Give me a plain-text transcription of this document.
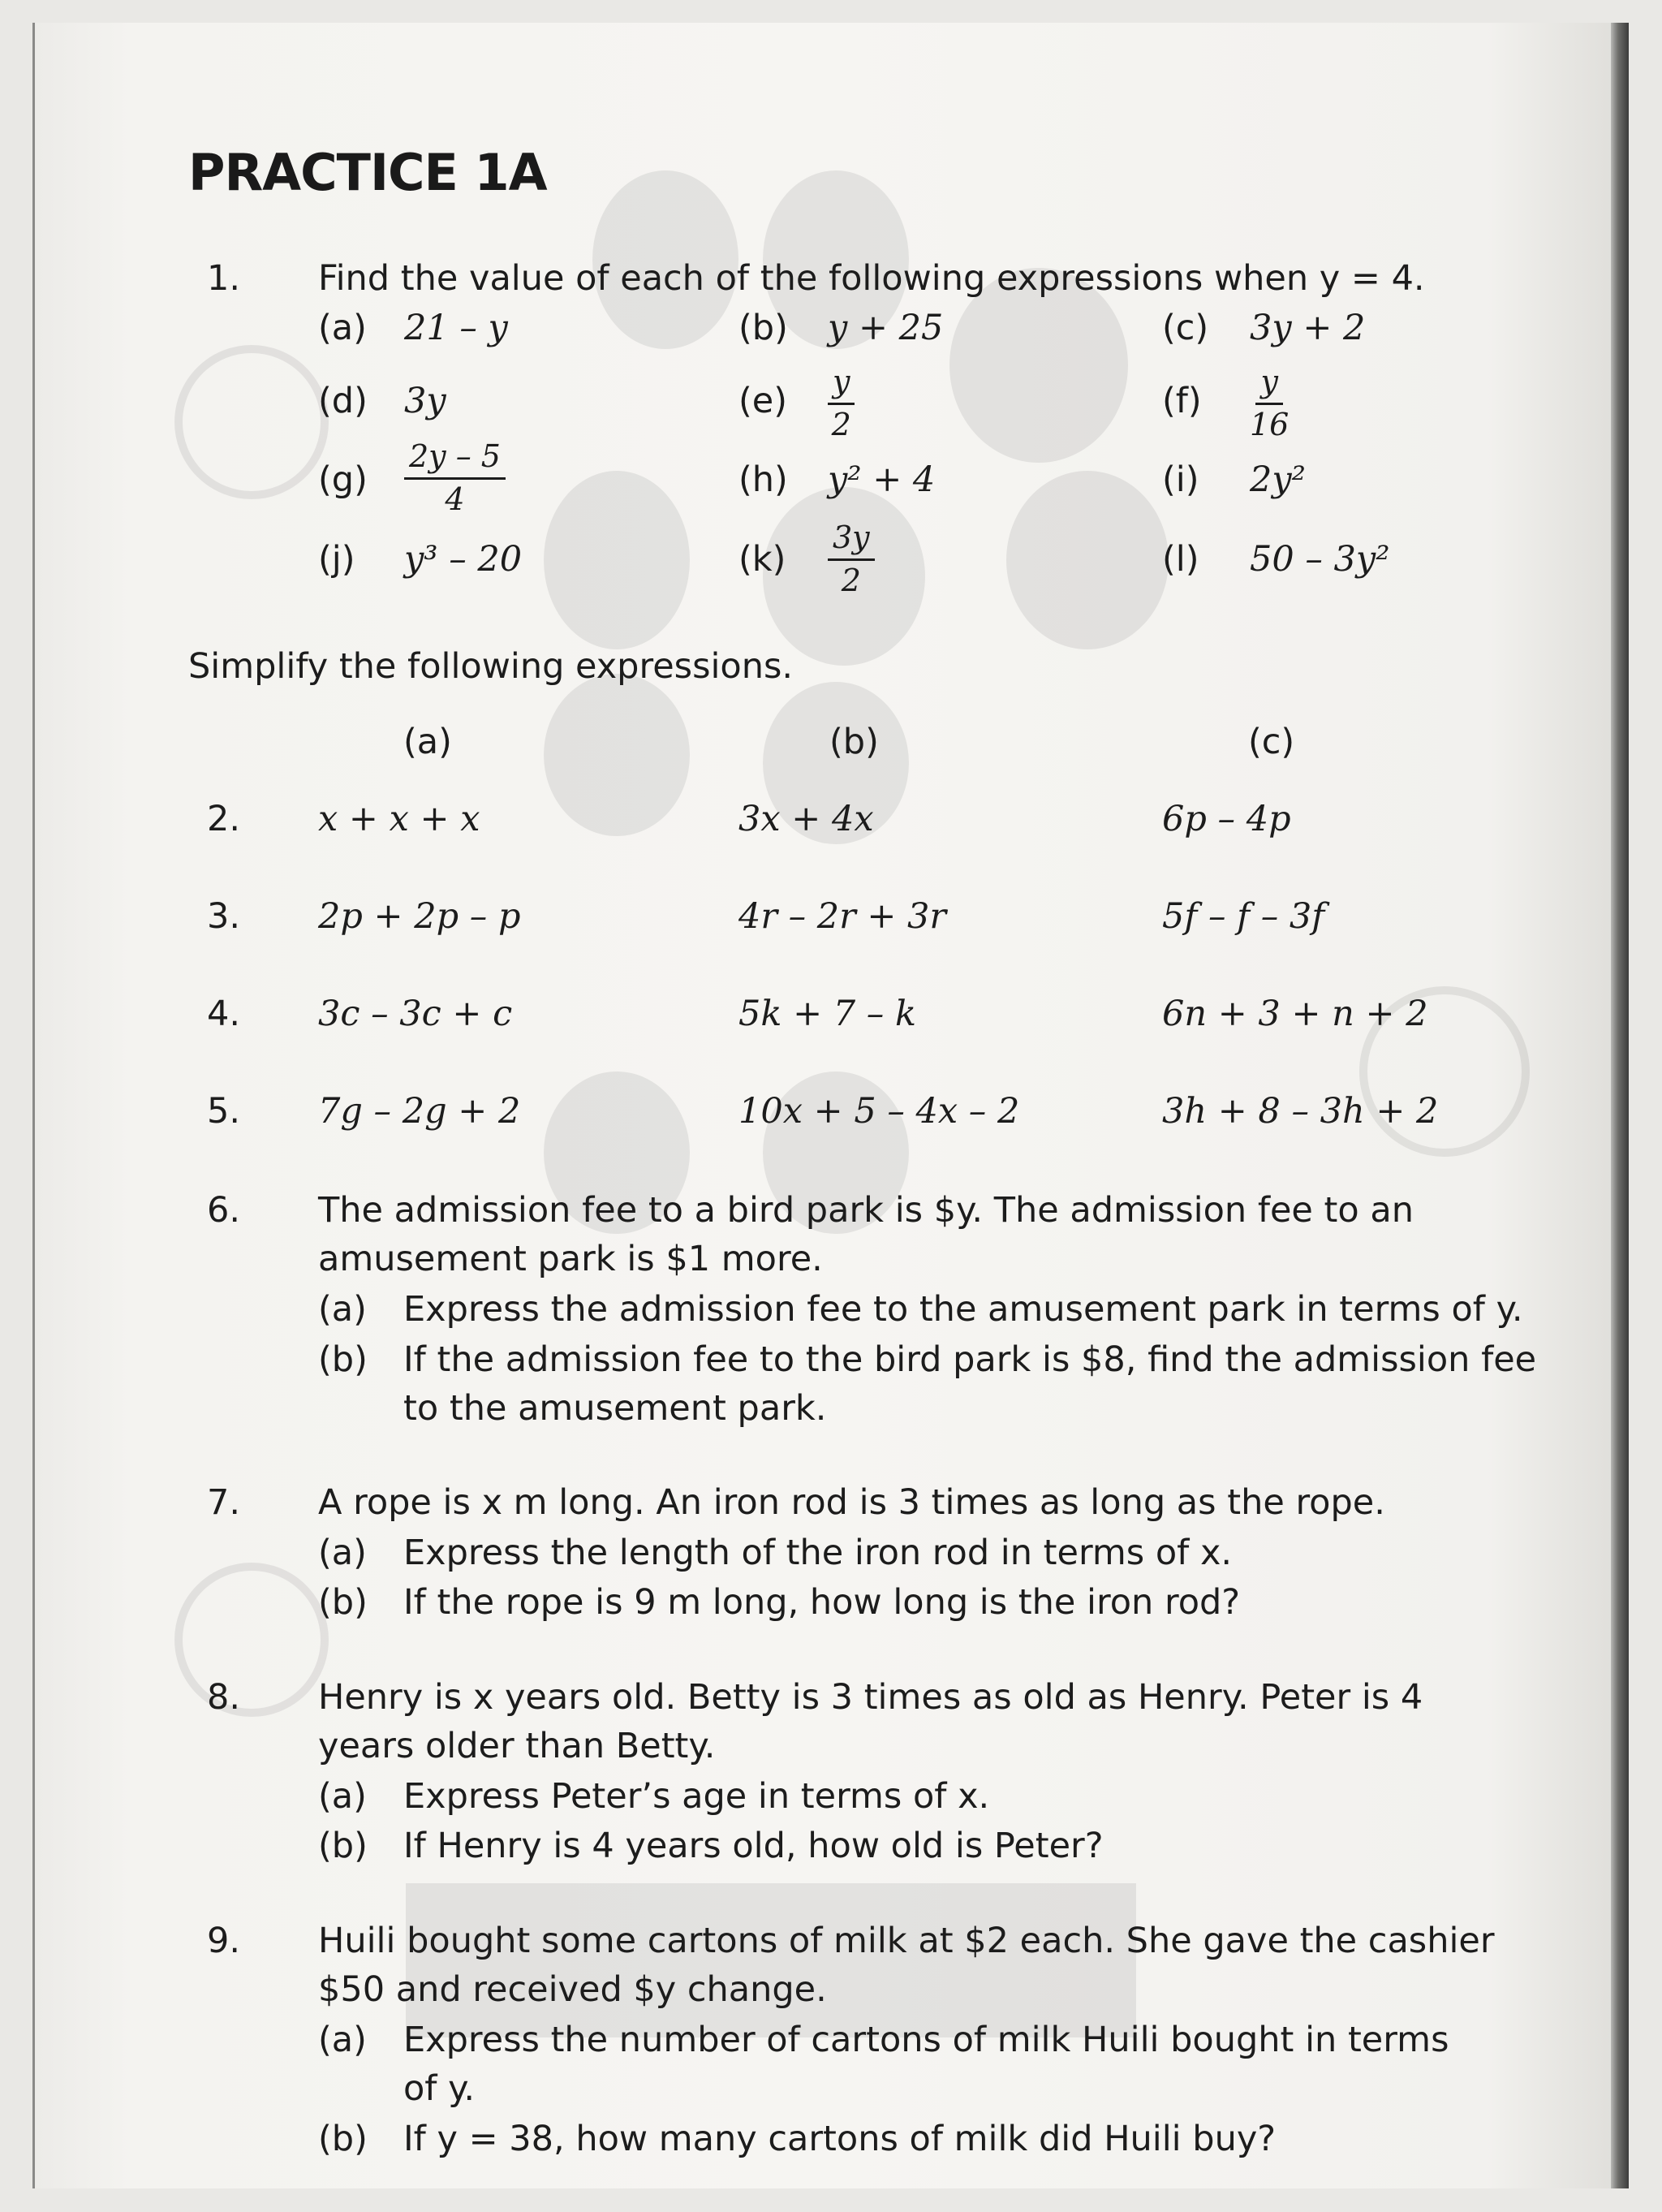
PRACTICE 1A
1. Find the value of each of the following expressions when y = 4.
(a) 21 – y	(b) y + 25	(c) 3y + 2
(d) 3y	$(e) \frac{y}{2}$	$(f) \frac{y}{16}$
$(g) \frac{2y - 5}{4}$	(h) y² + 4	(i) 2y²
(j) y³ – 20	$(k) \frac{3y}{2}$	(l) 50 – 3y²
Simplify the following expressions.
(a)	(b)	(c)
2. x + x + x	3x + 4x	6p – 4p
3. 2p + 2p – p	4r – 2r + 3r	5f – f – 3f
4. 3c – 3c + c	5k + 7 – k	6n + 3 + n + 2
5. 7g – 2g + 2	10x + 5 – 4x – 2	3h + 8 – 3h + 2
6. The admission fee to a bird park is $y. The admission fee to an
amusement park is $1 more.
(a) Express the admission fee to the amusement park in terms of y.
(b) If the admission fee to the bird park is $8, find the admission fee
to the amusement park.
7. A rope is x m long. An iron rod is 3 times as long as the rope.
(a) Express the length of the iron rod in terms of x.
(b) If the rope is 9 m long, how long is the iron rod?
8. Henry is x years old. Betty is 3 times as old as Henry. Peter is 4
years older than Betty.
(a) Express Peter’s age in terms of x.
(b) If Henry is 4 years old, how old is Peter?
9. Huili bought some cartons of milk at $2 each. She gave the cashier
$50 and received $y change.
(a) Express the number of cartons of milk Huili bought in terms
of y.
(b) If y = 38, how many cartons of milk did Huili buy?
